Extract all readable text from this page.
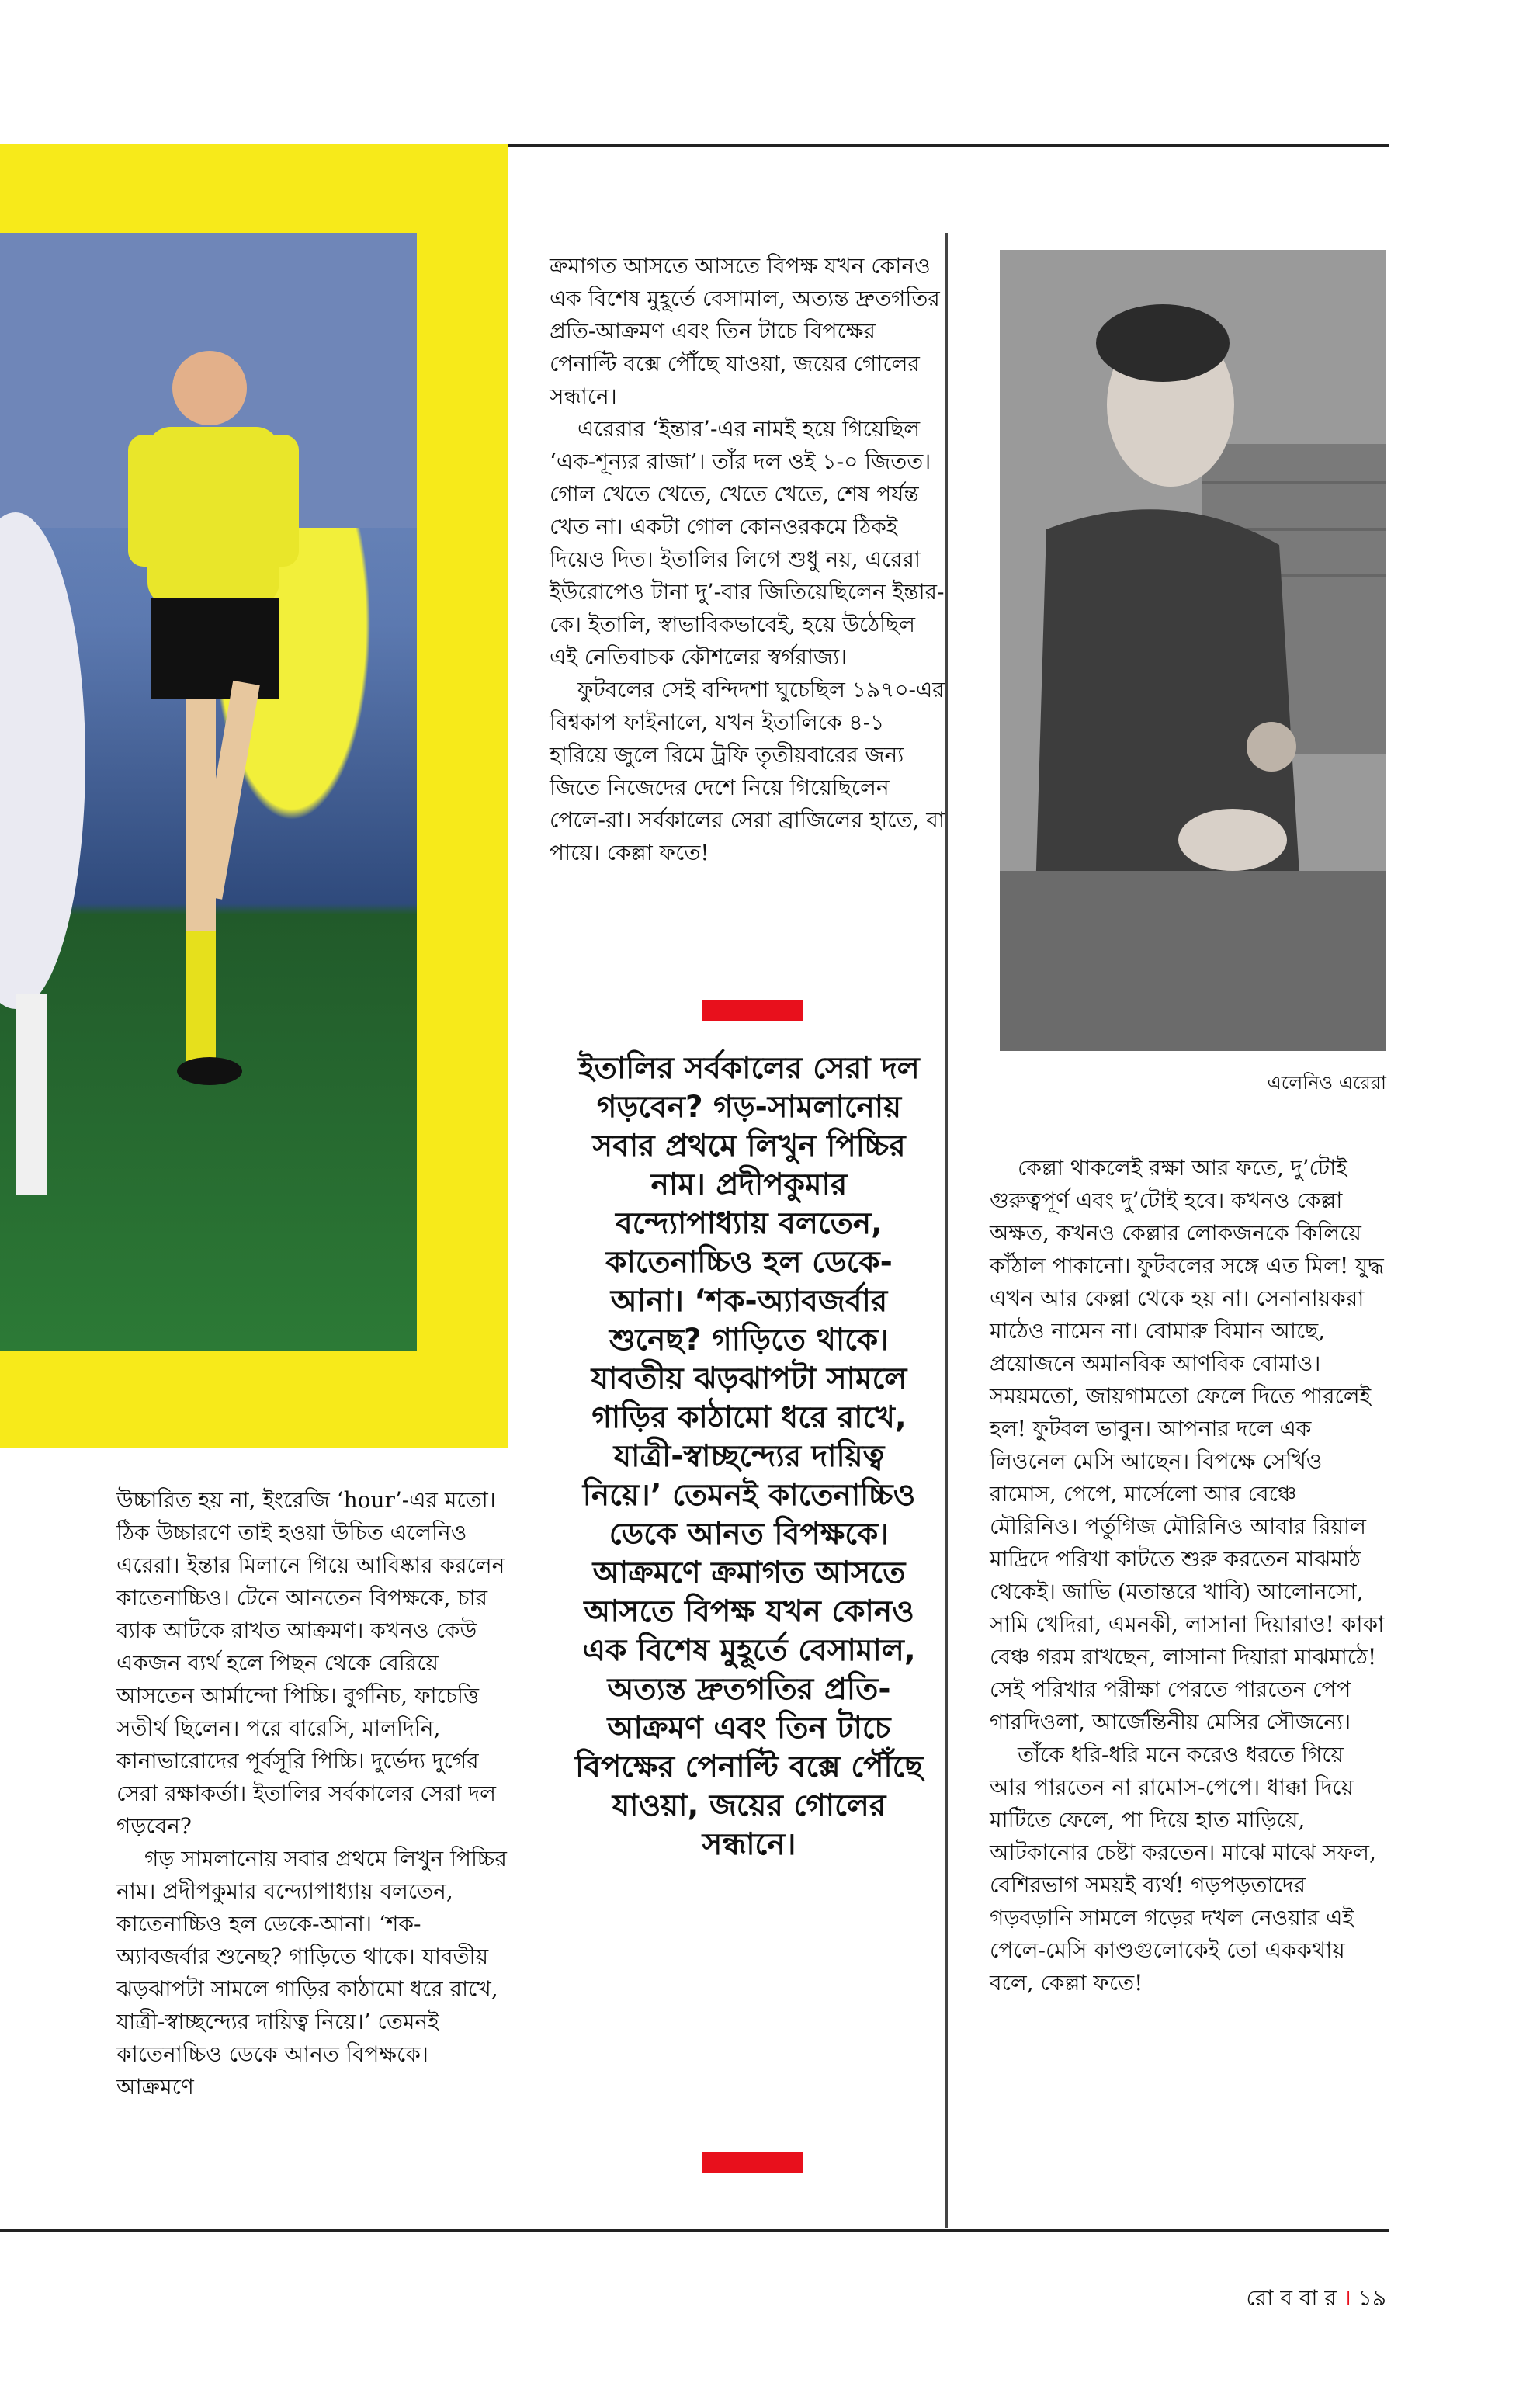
এলেনিও এরেরা

ক্রমাগত আসতে আসতে বিপক্ষ যখন কোনও এক বিশেষ মুহূর্তে বেসামাল, অত্যন্ত দ্রুতগতির প্রতি-আক্রমণ এবং তিন টাচে বিপক্ষের পেনাল্টি বক্সে পৌঁছে যাওয়া, জয়ের গোলের সন্ধানে।

এরেরার ‘ইন্তার’-এর নামই হয়ে গিয়েছিল ‘এক-শূন্যর রাজা’। তাঁর দল ওই ১-০ জিতত। গোল খেতে খেতে, খেতে খেতে, শেষ পর্যন্ত খেত না। একটা গোল কোনওরকমে ঠিকই দিয়েও দিত। ইতালির লিগে শুধু নয়, এরেরা ইউরোপেও টানা দু’-বার জিতিয়েছিলেন ইন্তার-কে। ইতালি, স্বাভাবিকভাবেই, হয়ে উঠেছিল এই নেতিবাচক কৌশলের স্বর্গরাজ্য।

ফুটবলের সেই বন্দিদশা ঘুচেছিল ১৯৭০-এর বিশ্বকাপ ফাইনালে, যখন ইতালিকে ৪-১ হারিয়ে জুলে রিমে ট্রফি তৃতীয়বারের জন্য জিতে নিজেদের দেশে নিয়ে গিয়েছিলেন পেলে-রা। সর্বকালের সেরা ব্রাজিলের হাতে, বা পায়ে। কেল্লা ফতে!

ইতালির সর্বকালের সেরা দল গড়বেন? গড়-সামলানোয় সবার প্রথমে লিখুন পিচ্চির নাম। প্রদীপকুমার বন্দ্যোপাধ্যায় বলতেন, কাতেনাচ্চিও হল ডেকে-আনা। ‘শক-অ্যাবজর্বার শুনেছ? গাড়িতে থাকে। যাবতীয় ঝড়ঝাপটা সামলে গাড়ির কাঠামো ধরে রাখে, যাত্রী-স্বাচ্ছন্দ্যের দায়িত্ব নিয়ে।’ তেমনই কাতেনাচ্চিও ডেকে আনত বিপক্ষকে। আক্রমণে ক্রমাগত আসতে আসতে বিপক্ষ যখন কোনও এক বিশেষ মুহূর্তে বেসামাল, অত্যন্ত দ্রুতগতির প্রতি-আক্রমণ এবং তিন টাচে বিপক্ষের পেনাল্টি বক্সে পৌঁছে যাওয়া, জয়ের গোলের সন্ধানে।

উচ্চারিত হয় না, ইংরেজি ‘hour’-এর মতো। ঠিক উচ্চারণে তাই হওয়া উচিত এলেনিও এরেরা। ইন্তার মিলানে গিয়ে আবিষ্কার করলেন কাতেনাচ্চিও। টেনে আনতেন বিপক্ষকে, চার ব্যাক আটকে রাখত আক্রমণ। কখনও কেউ একজন ব্যর্থ হলে পিছন থেকে বেরিয়ে আসতেন আর্মান্দো পিচ্চি। বুর্গনিচ, ফাচেত্তি সতীর্থ ছিলেন। পরে বারেসি, মালদিনি, কানাভারোদের পূর্বসূরি পিচ্চি। দুর্ভেদ্য দুর্গের সেরা রক্ষাকর্তা। ইতালির সর্বকালের সেরা দল গড়বেন?

গড় সামলানোয় সবার প্রথমে লিখুন পিচ্চির নাম। প্রদীপকুমার বন্দ্যোপাধ্যায় বলতেন, কাতেনাচ্চিও হল ডেকে-আনা। ‘শক-অ্যাবজর্বার শুনেছ? গাড়িতে থাকে। যাবতীয় ঝড়ঝাপটা সামলে গাড়ির কাঠামো ধরে রাখে, যাত্রী-স্বাচ্ছন্দ্যের দায়িত্ব নিয়ে।’ তেমনই কাতেনাচ্চিও ডেকে আনত বিপক্ষকে। আক্রমণে

কেল্লা থাকলেই রক্ষা আর ফতে, দু’টোই গুরুত্বপূর্ণ এবং দু’টোই হবে। কখনও কেল্লা অক্ষত, কখনও কেল্লার লোকজনকে কিলিয়ে কাঁঠাল পাকানো। ফুটবলের সঙ্গে এত মিল! যুদ্ধ এখন আর কেল্লা থেকে হয় না। সেনানায়করা মাঠেও নামেন না। বোমারু বিমান আছে, প্রয়োজনে অমানবিক আণবিক বোমাও। সময়মতো, জায়গামতো ফেলে দিতে পারলেই হল! ফুটবল ভাবুন। আপনার দলে এক লিওনেল মেসি আছেন। বিপক্ষে সের্খিও রামোস, পেপে, মার্সেলো আর বেঞ্চে মৌরিনিও। পর্তুগিজ মৌরিনিও আবার রিয়াল মাদ্রিদে পরিখা কাটতে শুরু করতেন মাঝমাঠ থেকেই। জাভি (মতান্তরে খাবি) আলোনসো, সামি খেদিরা, এমনকী, লাসানা দিয়ারাও! কাকা বেঞ্চ গরম রাখছেন, লাসানা দিয়ারা মাঝমাঠে! সেই পরিখার পরীক্ষা পেরতে পারতেন পেপ গারদিওলা, আর্জেন্তিনীয় মেসির সৌজন্যে।

তাঁকে ধরি-ধরি মনে করেও ধরতে গিয়ে আর পারতেন না রামোস-পেপে। ধাক্কা দিয়ে মাটিতে ফেলে, পা দিয়ে হাত মাড়িয়ে, আটকানোর চেষ্টা করতেন। মাঝে মাঝে সফল, বেশিরভাগ সময়ই ব্যর্থ! গড়পড়তাদের গড়বড়ানি সামলে গড়ের দখল নেওয়ার এই পেলে-মেসি কাণ্ডগুলোকেই তো এককথায় বলে, কেল্লা ফতে!

রো ব বা র । ১৯
